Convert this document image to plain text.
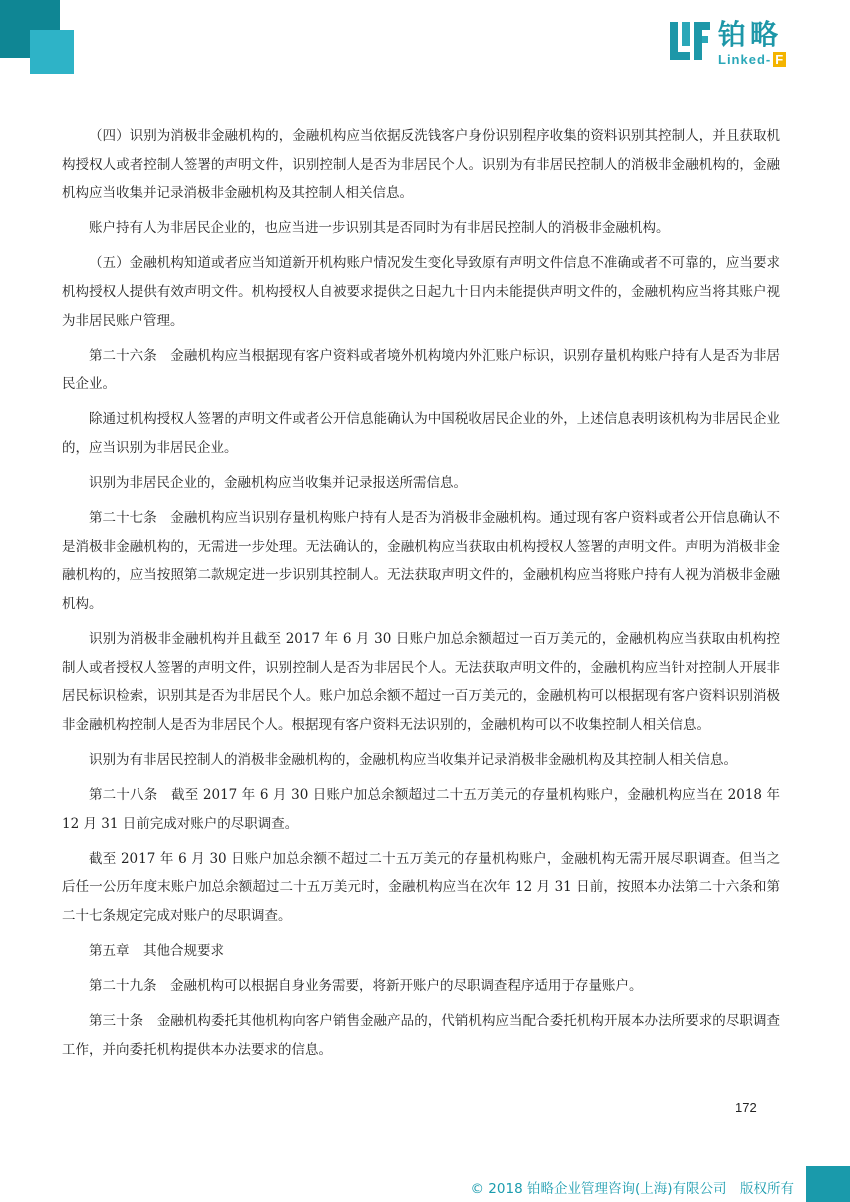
铂略
Linked- F

（四）识别为消极非金融机构的，金融机构应当依据反洗钱客户身份识别程序收集的资料识别其控制人，并且获取机构授权人或者控制人签署的声明文件，识别控制人是否为非居民个人。识别为有非居民控制人的消极非金融机构的，金融机构应当收集并记录消极非金融机构及其控制人相关信息。

账户持有人为非居民企业的，也应当进一步识别其是否同时为有非居民控制人的消极非金融机构。

（五）金融机构知道或者应当知道新开机构账户情况发生变化导致原有声明文件信息不准确或者不可靠的，应当要求机构授权人提供有效声明文件。机构授权人自被要求提供之日起九十日内未能提供声明文件的，金融机构应当将其账户视为非居民账户管理。

第二十六条　金融机构应当根据现有客户资料或者境外机构境内外汇账户标识，识别存量机构账户持有人是否为非居民企业。

除通过机构授权人签署的声明文件或者公开信息能确认为中国税收居民企业的外，上述信息表明该机构为非居民企业的，应当识别为非居民企业。

识别为非居民企业的，金融机构应当收集并记录报送所需信息。

第二十七条　金融机构应当识别存量机构账户持有人是否为消极非金融机构。通过现有客户资料或者公开信息确认不是消极非金融机构的，无需进一步处理。无法确认的，金融机构应当获取由机构授权人签署的声明文件。声明为消极非金融机构的，应当按照第二款规定进一步识别其控制人。无法获取声明文件的，金融机构应当将账户持有人视为消极非金融机构。

识别为消极非金融机构并且截至 2017 年 6 月 30 日账户加总余额超过一百万美元的，金融机构应当获取由机构控制人或者授权人签署的声明文件，识别控制人是否为非居民个人。无法获取声明文件的，金融机构应当针对控制人开展非居民标识检索，识别其是否为非居民个人。账户加总余额不超过一百万美元的，金融机构可以根据现有客户资料识别消极非金融机构控制人是否为非居民个人。根据现有客户资料无法识别的，金融机构可以不收集控制人相关信息。

识别为有非居民控制人的消极非金融机构的，金融机构应当收集并记录消极非金融机构及其控制人相关信息。

第二十八条　截至 2017 年 6 月 30 日账户加总余额超过二十五万美元的存量机构账户，金融机构应当在 2018 年 12 月 31 日前完成对账户的尽职调查。

截至 2017 年 6 月 30 日账户加总余额不超过二十五万美元的存量机构账户，金融机构无需开展尽职调查。但当之后任一公历年度末账户加总余额超过二十五万美元时，金融机构应当在次年 12 月 31 日前，按照本办法第二十六条和第二十七条规定完成对账户的尽职调查。

第五章　其他合规要求

第二十九条　金融机构可以根据自身业务需要，将新开账户的尽职调查程序适用于存量账户。

第三十条　金融机构委托其他机构向客户销售金融产品的，代销机构应当配合委托机构开展本办法所要求的尽职调查工作，并向委托机构提供本办法要求的信息。

172
© 2018 铂略企业管理咨询(上海)有限公司　版权所有
